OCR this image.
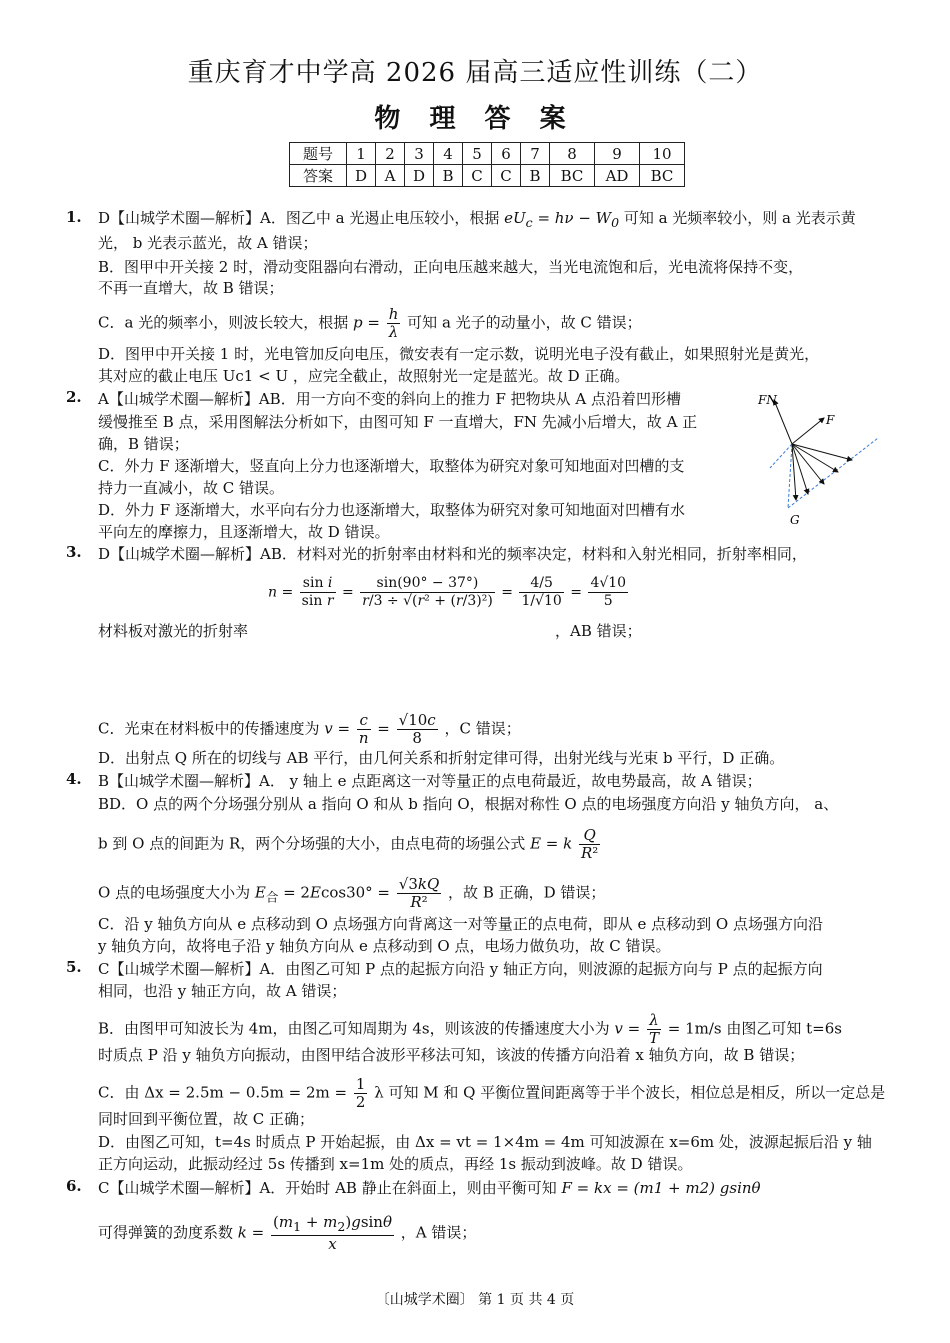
重庆育才中学高 2026 届高三适应性训练（二）
物 理 答 案
题号	1	2	3	4	5	6	7	8	9	10
答案	D	A	D	B	C	C	B	BC	AD	BC
1. D【山城学术圈—解析】A．图乙中 a 光遏止电压较小，根据 $eU_c = h\nu - W_0$ 可知 a 光频率较小，则 a 光表示黄
光， b 光表示蓝光，故 A 错误；
B．图甲中开关接 2 时，滑动变阻器向右滑动，正向电压越来越大，当光电流饱和后，光电流将保持不变，
不再一直增大，故 B 错误；
C．a 光的频率小，则波长较大，根据 $p = \frac{h}{\lambda}$ 可知 a 光子的动量小，故 C 错误；
D．图甲中开关接 1 时，光电管加反向电压，微安表有一定示数，说明光电子没有截止，如果照射光是黄光，
其对应的截止电压 Uc1 < U ，应完全截止，故照射光一定是蓝光。故 D 正确。
2. A【山城学术圈—解析】AB．用一方向不变的斜向上的推力 F 把物块从 A 点沿着凹形槽
缓慢推至 B 点，采用图解法分析如下，由图可知 F 一直增大，FN 先减小后增大，故 A 正
确，B 错误；
C．外力 F 逐渐增大，竖直向上分力也逐渐增大，取整体为研究对象可知地面对凹槽的支
持力一直减小，故 C 错误。
D．外力 F 逐渐增大，水平向右分力也逐渐增大，取整体为研究对象可知地面对凹槽有水
平向左的摩擦力，且逐渐增大，故 D 错误。
FN
F
G
3. D【山城学术圈—解析】AB．材料对光的折射率由材料和光的频率决定，材料和入射光相同，折射率相同，
材料板对激光的折射率
$n = \frac{\text{sin i}}{\text{sin r}} = \frac{\sin(90^\circ - 37^\circ)}{\text{r/3 ÷ √(r² + (r/3)²)}} = \frac{4/5}{1/√10} = \frac{4√10}{5}$
，AB 错误；
C．光束在材料板中的传播速度为 $v = \frac{c}{n} = \frac{√10c}{8}$ ，C 错误；
D．出射点 Q 所在的切线与 AB 平行，由几何关系和折射定律可得，出射光线与光束 b 平行，D 正确。
4. B【山城学术圈—解析】A． y 轴上 e 点距离这一对等量正的点电荷最近，故电势最高，故 A 错误；
BD．O 点的两个分场强分别从 a 指向 O 和从 b 指向 O，根据对称性 O 点的电场强度方向沿 y 轴负方向， a、
b 到 O 点的间距为 R，两个分场强的大小，由点电荷的场强公式 E = k $\frac{Q}{\text{R²}}$
O 点的电场强度大小为 $E_合 = 2Ecos30^\circ = \frac{√3kQ}{\text{R²}}$ ，故 B 正确，D 错误；
C．沿 y 轴负方向从 e 点移动到 O 点场强方向背离这一对等量正的点电荷，即从 e 点移动到 O 点场强方向沿
y 轴负方向，故将电子沿 y 轴负方向从 e 点移动到 O 点，电场力做负功，故 C 错误。
5. C【山城学术圈—解析】A．由图乙可知 P 点的起振方向沿 y 轴正方向，则波源的起振方向与 P 点的起振方向
相同，也沿 y 轴正方向，故 A 错误；
B．由图甲可知波长为 4m，由图乙可知周期为 4s，则该波的传播速度大小为 $v = \frac{\lambda}{T} = 1m/s$ 由图乙可知 t=6s
时质点 P 沿 y 轴负方向振动，由图甲结合波形平移法可知，该波的传播方向沿着 x 轴负方向，故 B 错误；
C．由 $\Delta x = 2.5m - 0.5m = 2m = \frac{1}{2}$ λ 可知 M 和 Q 平衡位置间距离等于半个波长，相位总是相反，所以一定总是
同时回到平衡位置，故 C 正确；
D．由图乙可知，t=4s 时质点 P 开始起振，由 Δx = vt = 1×4m = 4m 可知波源在 x=6m 处，波源起振后沿 y 轴
正方向运动，此振动经过 5s 传播到 x=1m 处的质点，再经 1s 振动到波峰。故 D 错误。
6. C【山城学术圈—解析】A．开始时 AB 静止在斜面上，则由平衡可知 F = kx = (m1 + m2) gsinθ
可得弹簧的劲度系数 $k = \frac{(m_1 + m_2)gsin\theta}{x}$ ，A 错误；
〔山城学术圈〕 第 1 页 共 4 页
